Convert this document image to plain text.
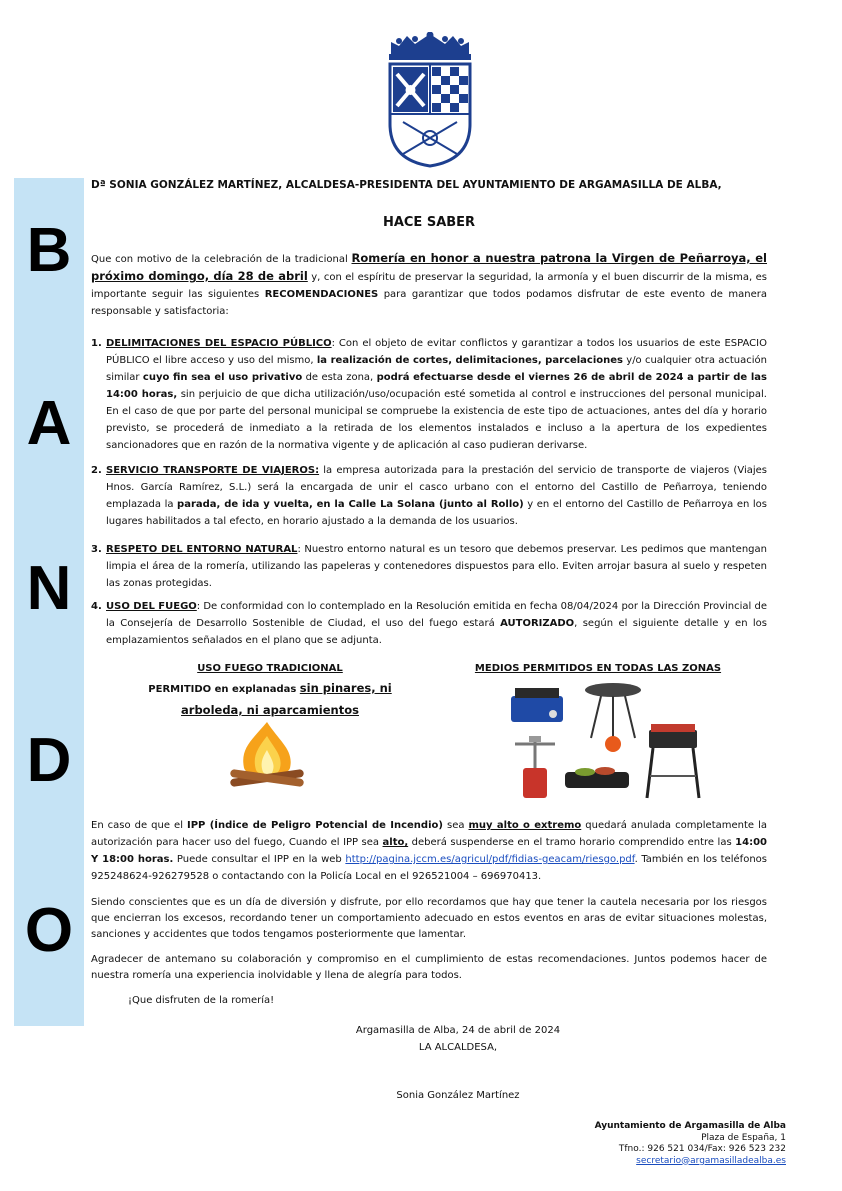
B
A
N
D
O
Dª SONIA GONZÁLEZ MARTÍNEZ, ALCALDESA-PRESIDENTA DEL AYUNTAMIENTO DE ARGAMASILLA DE ALBA,
HACE SABER

Que con motivo de la celebración de la tradicional Romería en honor a nuestra patrona la Virgen de Peñarroya, el próximo domingo, día 28 de abril y, con el espíritu de preservar la seguridad, la armonía y el buen discurrir de la misma, es importante seguir las siguientes RECOMENDACIONES para garantizar que todos podamos disfrutar de este evento de manera responsable y satisfactoria:

1. DELIMITACIONES DEL ESPACIO PÚBLICO: Con el objeto de evitar conflictos y garantizar a todos los usuarios de este ESPACIO PÚBLICO el libre acceso y uso del mismo, la realización de cortes, delimitaciones, parcelaciones y/o cualquier otra actuación similar cuyo fin sea el uso privativo de esta zona, podrá efectuarse desde el viernes 26 de abril de 2024 a partir de las 14:00 horas, sin perjuicio de que dicha utilización/uso/ocupación esté sometida al control e instrucciones del personal municipal. En el caso de que por parte del personal municipal se compruebe la existencia de este tipo de actuaciones, antes del día y horario previsto, se procederá de inmediato a la retirada de los elementos instalados e incluso a la apertura de los expedientes sancionadores que en razón de la normativa vigente y de aplicación al caso pudieran derivarse.

2. SERVICIO TRANSPORTE DE VIAJEROS: la empresa autorizada para la prestación del servicio de transporte de viajeros (Viajes Hnos. García Ramírez, S.L.) será la encargada de unir el casco urbano con el entorno del Castillo de Peñarroya, teniendo emplazada la parada, de ida y vuelta, en la Calle La Solana (junto al Rollo) y en el entorno del Castillo de Peñarroya en los lugares habilitados a tal efecto, en horario ajustado a la demanda de los usuarios.

3. RESPETO DEL ENTORNO NATURAL: Nuestro entorno natural es un tesoro que debemos preservar. Les pedimos que mantengan limpia el área de la romería, utilizando las papeleras y contenedores dispuestos para ello. Eviten arrojar basura al suelo y respeten las zonas protegidas.

4. USO DEL FUEGO: De conformidad con lo contemplado en la Resolución emitida en fecha 08/04/2024 por la Dirección Provincial de la Consejería de Desarrollo Sostenible de Ciudad, el uso del fuego estará AUTORIZADO, según el siguiente detalle y en los emplazamientos señalados en el plano que se adjunta.

USO FUEGO TRADICIONAL
PERMITIDO en explanadas sin pinares, ni
arboleda, ni aparcamientos
MEDIOS PERMITIDOS EN TODAS LAS ZONAS

En caso de que el IPP (Índice de Peligro Potencial de Incendio) sea muy alto o extremo quedará anulada completamente la autorización para hacer uso del fuego, Cuando el IPP sea alto, deberá suspenderse en el tramo horario comprendido entre las 14:00 Y 18:00 horas. Puede consultar el IPP en la web http://pagina.jccm.es/agricul/pdf/fidias-geacam/riesgo.pdf. También en los teléfonos 925248624-926279528 o contactando con la Policía Local en el 926521004 – 696970413.

Siendo conscientes que es un día de diversión y disfrute, por ello recordamos que hay que tener la cautela necesaria por los riesgos que encierran los excesos, recordando tener un comportamiento adecuado en estos eventos en aras de evitar situaciones molestas, sanciones y accidentes que todos tengamos posteriormente que lamentar.

Agradecer de antemano su colaboración y compromiso en el cumplimiento de estas recomendaciones. Juntos podemos hacer de nuestra romería una experiencia inolvidable y llena de alegría para todos.

¡Que disfruten de la romería!
Argamasilla de Alba, 24 de abril de 2024
LA ALCALDESA,
Sonia González Martínez
Ayuntamiento de Argamasilla de Alba
Plaza de España, 1
Tfno.: 926 521 034/Fax: 926 523 232
secretario@argamasilladealba.es
